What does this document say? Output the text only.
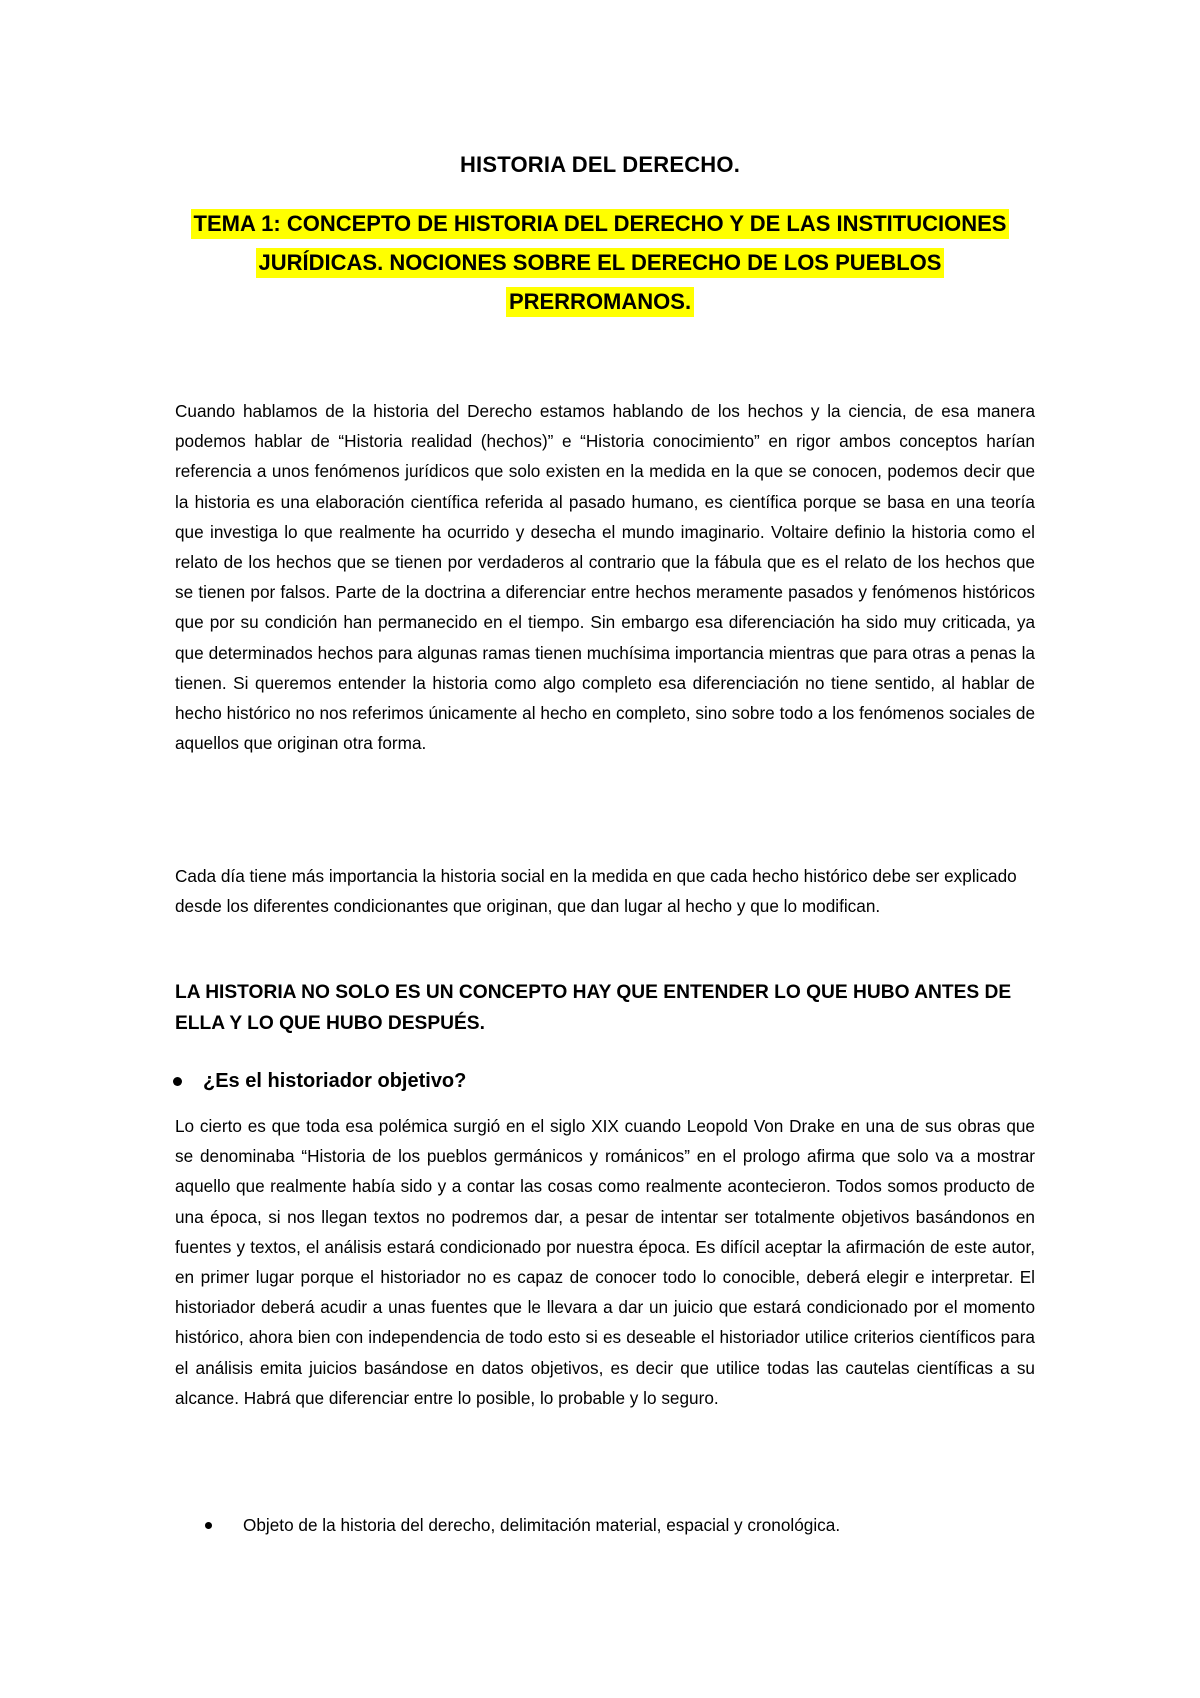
HISTORIA DEL DERECHO.
TEMA 1: CONCEPTO DE HISTORIA DEL DERECHO Y DE LAS INSTITUCIONES
JURÍDICAS. NOCIONES SOBRE EL DERECHO DE LOS PUEBLOS
PRERROMANOS.

Cuando hablamos de la historia del Derecho estamos hablando de los hechos y la ciencia, de esa manera podemos hablar de “Historia realidad (hechos)” e “Historia conocimiento” en rigor ambos conceptos harían referencia a unos fenómenos jurídicos que solo existen en la medida en la que se conocen, podemos decir que la historia es una elaboración científica referida al pasado humano, es científica porque se basa en una teoría que investiga lo que realmente ha ocurrido y desecha el mundo imaginario. Voltaire definio la historia como el relato de los hechos que se tienen por verdaderos al contrario que la fábula que es el relato de los hechos que se tienen por falsos. Parte de la doctrina a diferenciar entre hechos meramente pasados y fenómenos históricos que por su condición han permanecido en el tiempo. Sin embargo esa diferenciación ha sido muy criticada, ya que determinados hechos para algunas ramas tienen muchísima importancia mientras que para otras a penas la tienen. Si queremos entender la historia como algo completo esa diferenciación no tiene sentido, al hablar de hecho histórico no nos referimos únicamente al hecho en completo, sino sobre todo a los fenómenos sociales de aquellos que originan otra forma.

Cada día tiene más importancia la historia social en la medida en que cada hecho histórico debe ser explicado desde los diferentes condicionantes que originan, que dan lugar al hecho y que lo modifican.

LA HISTORIA NO SOLO ES UN CONCEPTO HAY QUE ENTENDER LO QUE HUBO ANTES DE ELLA Y LO QUE HUBO DESPUÉS.
¿Es el historiador objetivo?

Lo cierto es que toda esa polémica surgió en el siglo XIX cuando Leopold Von Drake en una de sus obras que se denominaba “Historia de los pueblos germánicos y románicos” en el prologo afirma que solo va a mostrar aquello que realmente había sido y a contar las cosas como realmente acontecieron. Todos somos producto de una época, si nos llegan textos no podremos dar, a pesar de intentar ser totalmente objetivos basándonos en fuentes y textos, el análisis estará condicionado por nuestra época. Es difícil aceptar la afirmación de este autor, en primer lugar porque el historiador no es capaz de conocer todo lo conocible, deberá elegir e interpretar. El historiador deberá acudir a unas fuentes que le llevara a dar un juicio que estará condicionado por el momento histórico, ahora bien con independencia de todo esto si es deseable el historiador utilice criterios científicos para el análisis emita juicios basándose en datos objetivos, es decir que utilice todas las cautelas científicas a su alcance. Habrá que diferenciar entre lo posible, lo probable y lo seguro.

Objeto de la historia del derecho, delimitación material, espacial y cronológica.
